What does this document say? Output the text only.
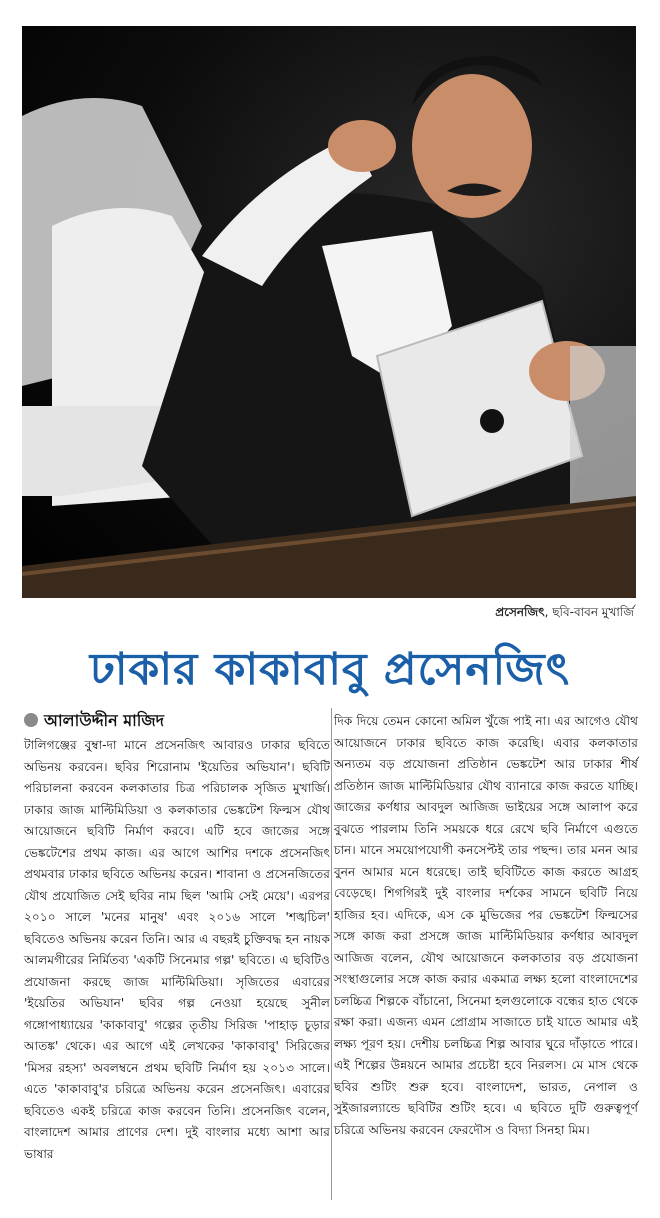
প্রসেনজিৎ, ছবি-বাবন মুখার্জি
ঢাকার কাকাবাবু প্রসেনজিৎ
আলাউদ্দীন মাজিদ

টালিগঞ্জের বুম্বা-দা মানে প্রসেনজিৎ আবারও ঢাকার ছবিতে অভিনয় করবেন। ছবির শিরোনাম 'ইয়েতির অভিযান'। ছবিটি পরিচালনা করবেন কলকাতার চিত্র পরিচালক সৃজিত মুখার্জি। ঢাকার জাজ মাল্টিমিডিয়া ও কলকাতার ভেঙ্কটেশ ফিল্মস যৌথ আয়োজনে ছবিটি নির্মাণ করবে। এটি হবে জাজের সঙ্গে ভেঙ্কটেশের প্রথম কাজ। এর আগে আশির দশকে প্রসেনজিৎ প্রথমবার ঢাকার ছবিতে অভিনয় করেন। শাবানা ও প্রসেনজিতের যৌথ প্রযোজিত সেই ছবির নাম ছিল 'আমি সেই মেয়ে'। এরপর ২০১০ সালে 'মনের মানুষ' এবং ২০১৬ সালে 'শঙ্খচিল' ছবিতেও অভিনয় করেন তিনি। আর এ বছরই চুক্তিবদ্ধ হন নায়ক আলমগীরের নির্মিতব্য 'একটি সিনেমার গল্প' ছবিতে। এ ছবিটিও প্রযোজনা করছে জাজ মাল্টিমিডিয়া। সৃজিতের এবারের 'ইয়েতির অভিযান' ছবির গল্প নেওয়া হয়েছে সুনীল গঙ্গোপাধ্যায়ের 'কাকাবাবু' গল্পের তৃতীয় সিরিজ 'পাহাড় চূড়ার আতঙ্ক' থেকে। এর আগে এই লেখকের 'কাকাবাবু' সিরিজের 'মিসর রহস্য' অবলম্বনে প্রথম ছবিটি নির্মাণ হয় ২০১৩ সালে। এতে 'কাকাবাবু'র চরিত্রে অভিনয় করেন প্রসেনজিৎ। এবারের ছবিতেও একই চরিত্রে কাজ করবেন তিনি। প্রসেনজিৎ বলেন, বাংলাদেশ আমার প্রাণের দেশ। দুই বাংলার মধ্যে আশা আর ভাষার

দিক দিয়ে তেমন কোনো অমিল খুঁজে পাই না। এর আগেও যৌথ আয়োজনে ঢাকার ছবিতে কাজ করেছি। এবার কলকাতার অন্যতম বড় প্রযোজনা প্রতিষ্ঠান ভেঙ্কটেশ আর ঢাকার শীর্ষ প্রতিষ্ঠান জাজ মাল্টিমিডিয়ার যৌথ ব্যানারে কাজ করতে যাচ্ছি। জাজের কর্ণধার আবদুল আজিজ ভাইয়ের সঙ্গে আলাপ করে বুঝতে পারলাম তিনি সময়কে ধরে রেখে ছবি নির্মাণে এগুতে চান। মানে সময়োপযোগী কনসেপ্টই তার পছন্দ। তার মনন আর বুনন আমার মনে ধরেছে। তাই ছবিটিতে কাজ করতে আগ্রহ বেড়েছে। শিগগিরই দুই বাংলার দর্শকের সামনে ছবিটি নিয়ে হাজির হব। এদিকে, এস কে মুভিজের পর ভেঙ্কটেশ ফিল্মসের সঙ্গে কাজ করা প্রসঙ্গে জাজ মাল্টিমিডিয়ার কর্ণধার আবদুল আজিজ বলেন, যৌথ আয়োজনে কলকাতার বড় প্রযোজনা সংস্থাগুলোর সঙ্গে কাজ করার একমাত্র লক্ষ্য হলো বাংলাদেশের চলচ্চিত্র শিল্পকে বাঁচানো, সিনেমা হলগুলোকে বন্ধের হাত থেকে রক্ষা করা। এজন্য এমন প্রোগ্রাম সাজাতে চাই যাতে আমার এই লক্ষ্য পূরণ হয়। দেশীয় চলচ্চিত্র শিল্প আবার ঘুরে দাঁড়াতে পারে। এই শিল্পের উন্নয়নে আমার প্রচেষ্টা হবে নিরলস। মে মাস থেকে ছবির শুটিং শুরু হবে। বাংলাদেশ, ভারত, নেপাল ও সুইজারল্যান্ডে ছবিটির শুটিং হবে। এ ছবিতে দুটি গুরুত্বপূর্ণ চরিত্রে অভিনয় করবেন ফেরদৌস ও বিদ্যা সিনহা মিম।
